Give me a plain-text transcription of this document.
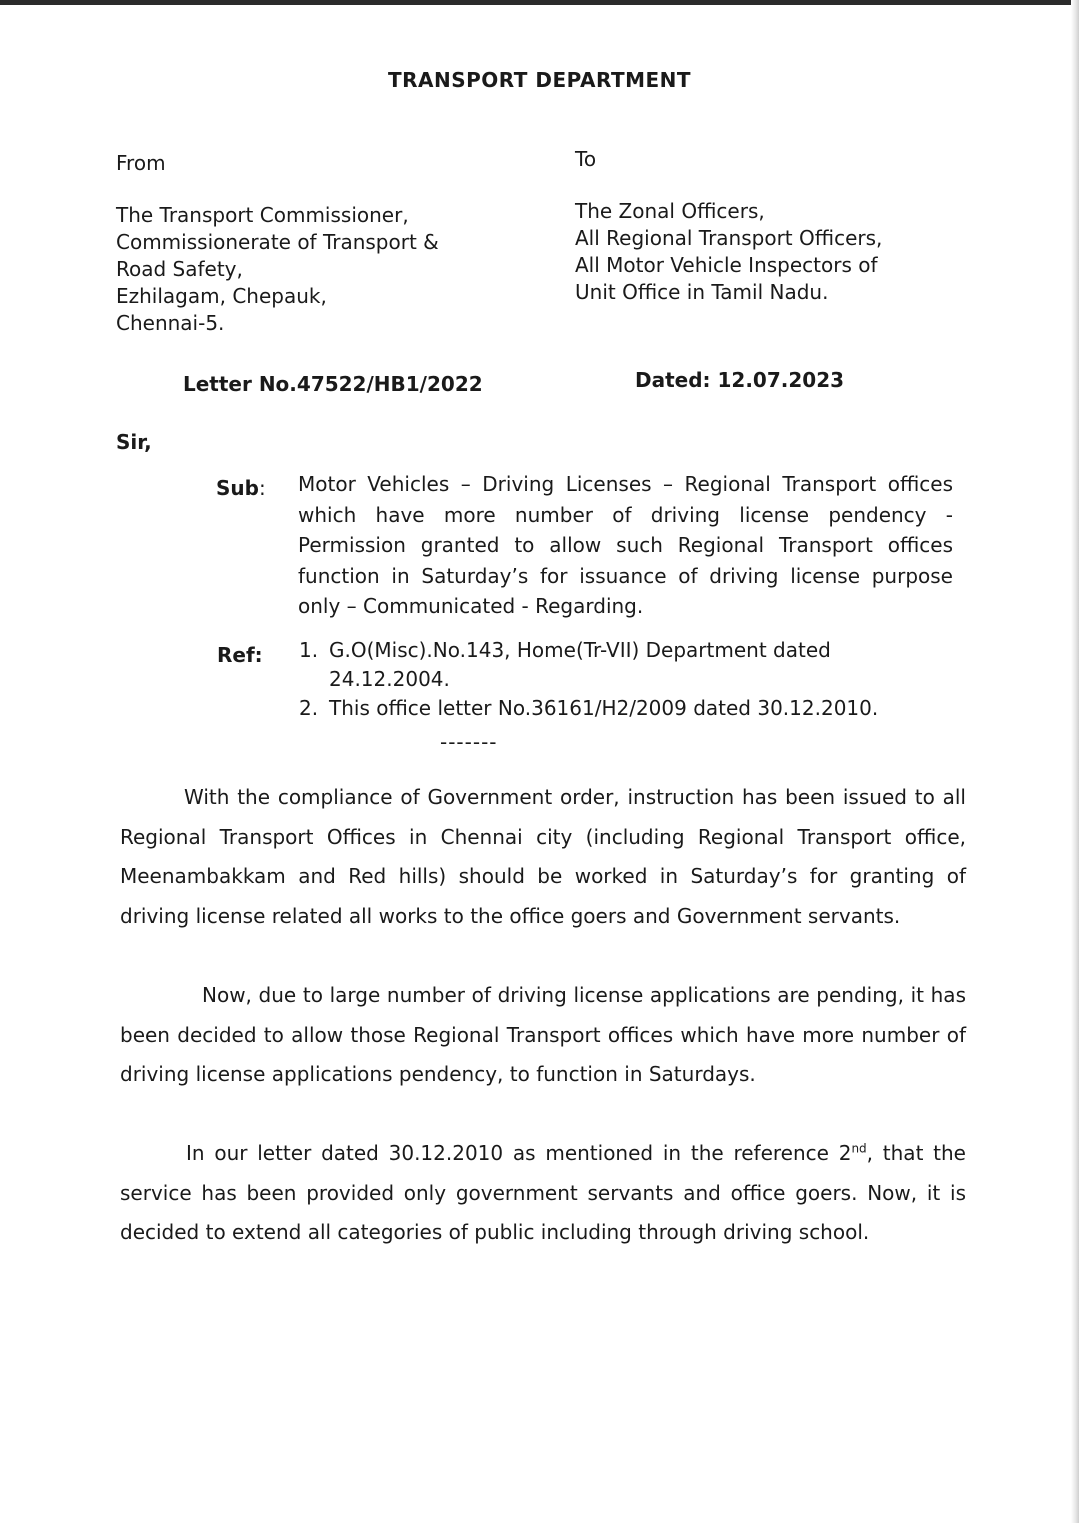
TRANSPORT DEPARTMENT
From
The Transport Commissioner,
Commissionerate of Transport &
Road Safety,
Ezhilagam, Chepauk,
Chennai-5.
To
The Zonal Officers,
All Regional Transport Officers,
All Motor Vehicle Inspectors of
Unit Office in Tamil Nadu.
Letter No.47522/HB1/2022	Dated: 12.07.2023
Sir,
Sub: Motor Vehicles – Driving Licenses – Regional Transport offices which have more number of driving license pendency - Permission granted to allow such Regional Transport offices function in Saturday’s for issuance of driving license purpose only – Communicated - Regarding.
Ref: 1. G.O(Misc).No.143, Home(Tr-VII) Department dated
24.12.2004.
2. This office letter No.36161/H2/2009 dated 30.12.2010.
-------
With the compliance of Government order, instruction has been issued to all Regional Transport Offices in Chennai city (including Regional Transport office, Meenambakkam and Red hills) should be worked in Saturday’s for granting of driving license related all works to the office goers and Government servants.
Now, due to large number of driving license applications are pending, it has been decided to allow those Regional Transport offices which have more number of driving license applications pendency, to function in Saturdays.
In our letter dated 30.12.2010 as mentioned in the reference 2nd, that the service has been provided only government servants and office goers. Now, it is decided to extend all categories of public including through driving school.
